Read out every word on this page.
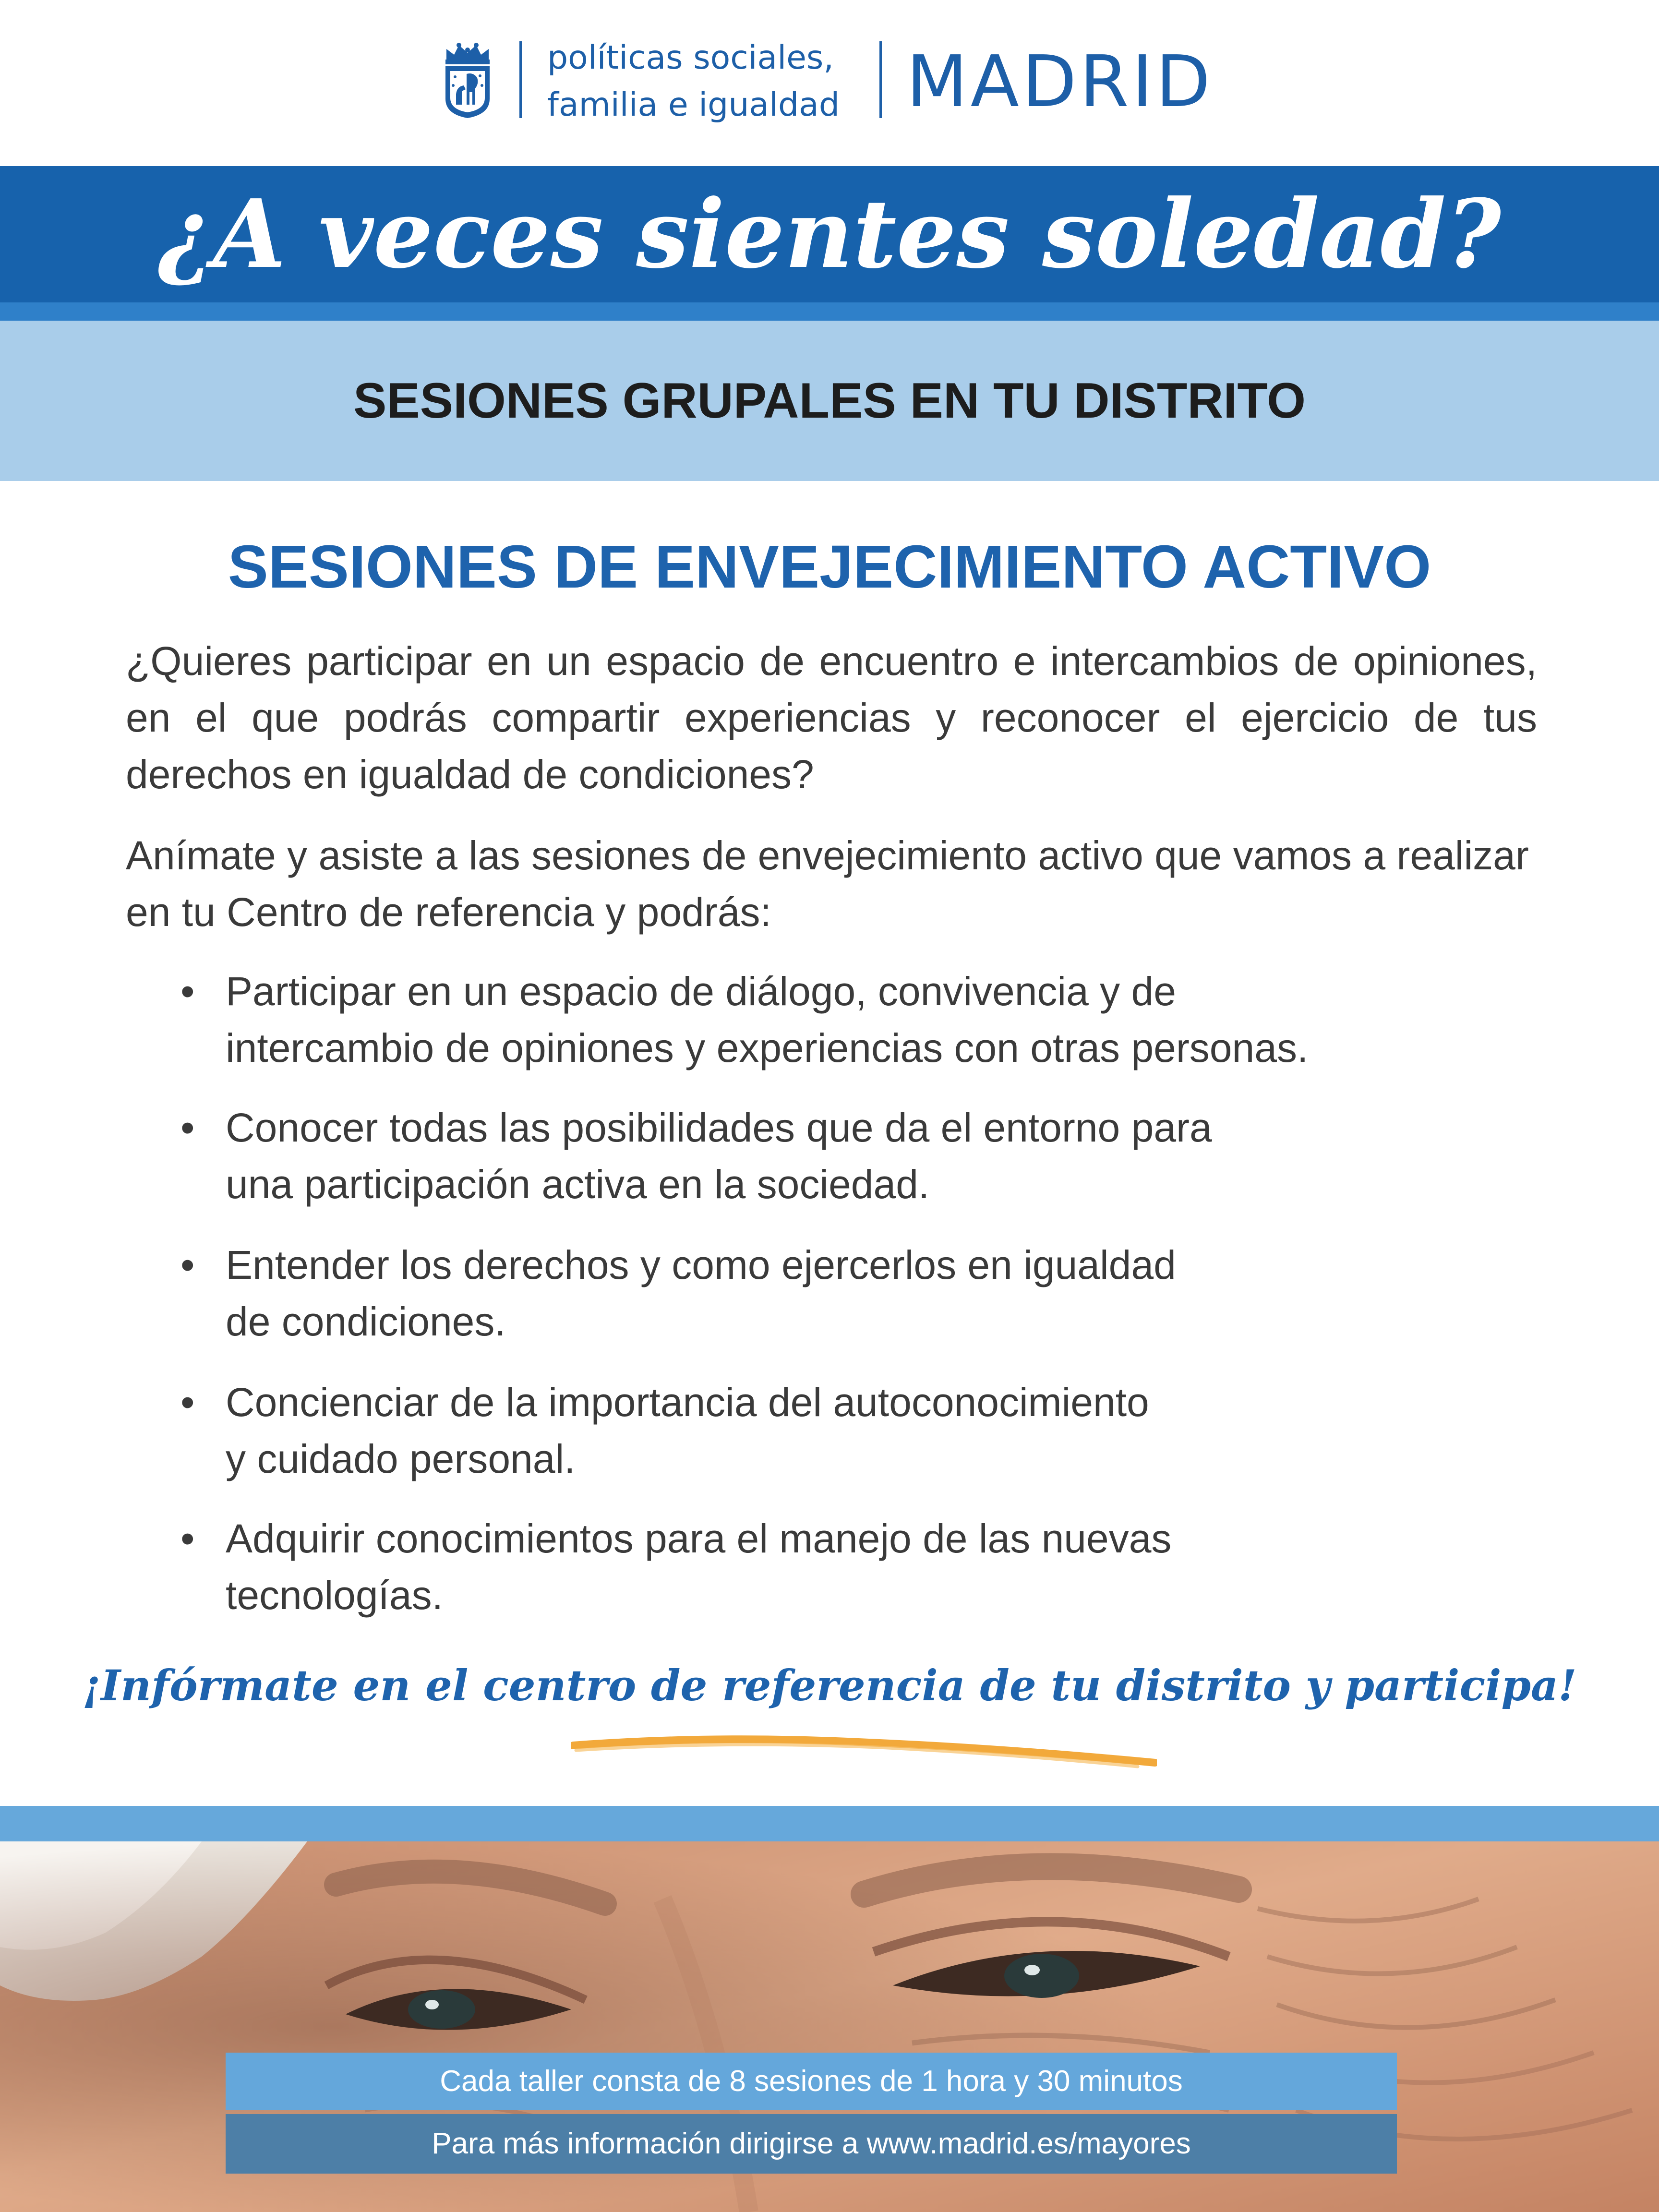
políticas sociales,
familia e igualdad MADRID
¿A veces sientes soledad?
SESIONES GRUPALES EN TU DISTRITO
SESIONES DE ENVEJECIMIENTO ACTIVO
¿Quieres participar en un espacio de encuentro e intercambios de opiniones, en el que podrás compartir experiencias y reconocer el ejercicio de tus derechos en igualdad de condiciones?
Anímate y asiste a las sesiones de envejecimiento activo que vamos a realizar en tu Centro de referencia y podrás:
• Participar en un espacio de diálogo, convivencia y de
intercambio de opiniones y experiencias con otras personas.
• Conocer todas las posibilidades que da el entorno para
una participación activa en la sociedad.
• Entender los derechos y como ejercerlos en igualdad
de condiciones.
• Concienciar de la importancia del autoconocimiento
y cuidado personal.
• Adquirir conocimientos para el manejo de las nuevas
tecnologías.
¡Infórmate en el centro de referencia de tu distrito y participa!
Cada taller consta de 8 sesiones de 1 hora y 30 minutos
Para más información dirigirse a www.madrid.es/mayores
